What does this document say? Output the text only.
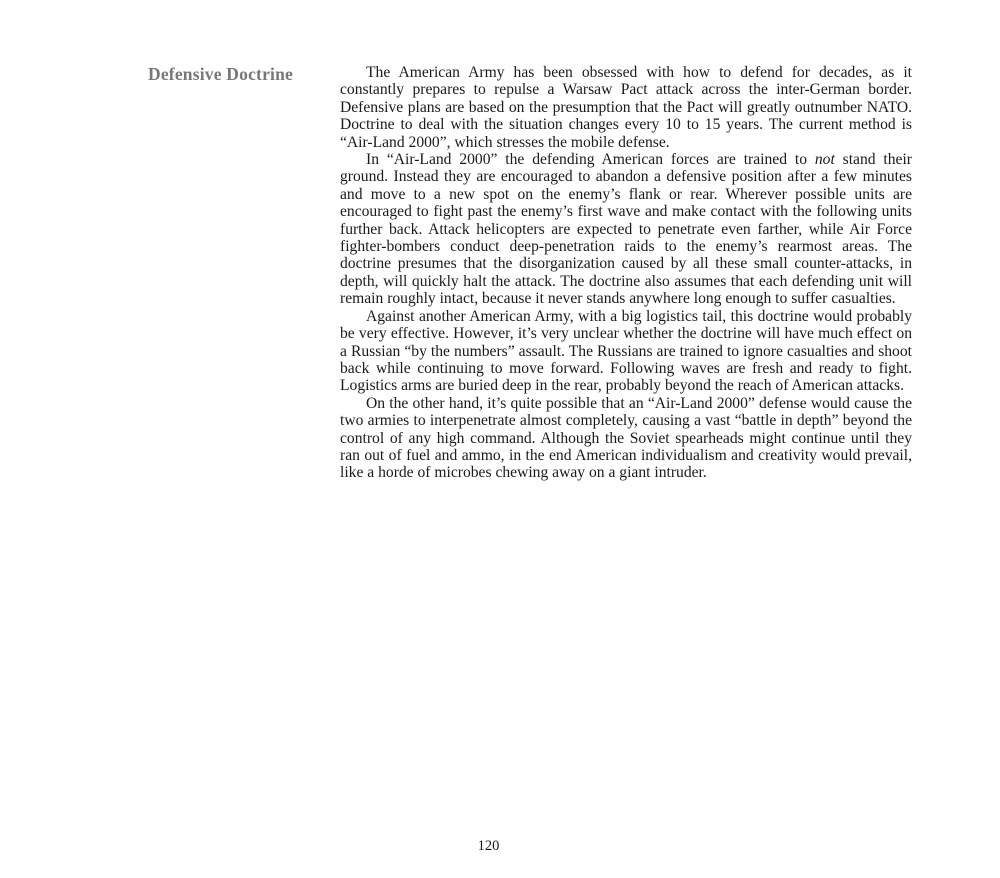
Defensive Doctrine	The American Army has been obsessed with how to defend for decades, as it constantly prepares to repulse a Warsaw Pact attack across the inter-German border. Defensive plans are based on the presumption that the Pact will greatly outnumber NATO. Doctrine to deal with the situation changes every 10 to 15 years. The current method is “Air-Land 2000”, which stresses the mobile defense.

In “Air-Land 2000” the defending American forces are trained to not stand their ground. Instead they are encouraged to abandon a defensive position after a few minutes and move to a new spot on the enemy’s flank or rear. Wherever possible units are encouraged to fight past the enemy’s first wave and make contact with the following units further back. Attack helicopters are expected to penetrate even farther, while Air Force fighter-bombers conduct deep-penetration raids to the enemy’s rearmost areas. The doctrine presumes that the disorganization caused by all these small counter-attacks, in depth, will quickly halt the attack. The doctrine also assumes that each defending unit will remain roughly intact, because it never stands anywhere long enough to suffer casualties.

Against another American Army, with a big logistics tail, this doctrine would probably be very effective. However, it’s very unclear whether the doctrine will have much effect on a Russian “by the numbers” assault. The Russians are trained to ignore casualties and shoot back while continuing to move forward. Following waves are fresh and ready to fight. Logistics arms are buried deep in the rear, probably beyond the reach of American attacks.

On the other hand, it’s quite possible that an “Air-Land 2000” defense would cause the two armies to interpenetrate almost completely, causing a vast “battle in depth” beyond the control of any high command. Although the Soviet spearheads might continue until they ran out of fuel and ammo, in the end American individualism and creativity would prevail, like a horde of microbes chewing away on a giant intruder.

120
